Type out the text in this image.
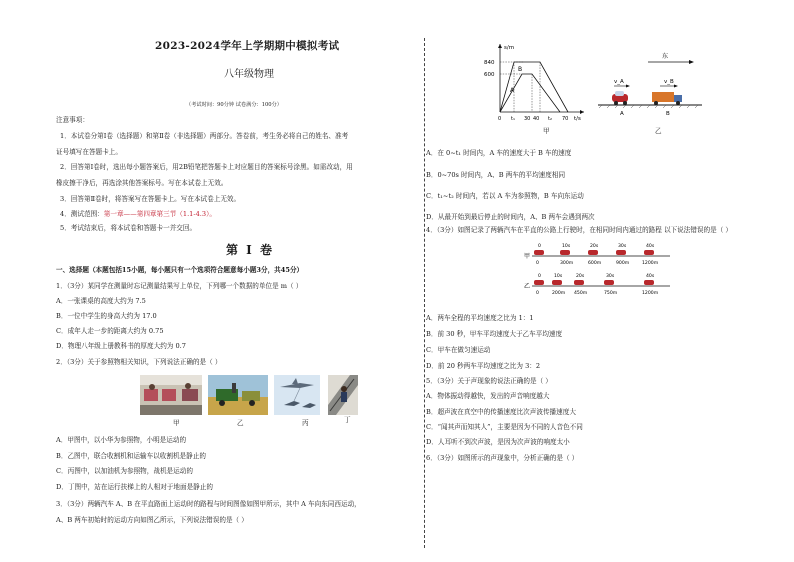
2023-2024学年上学期期中模拟考试
八年级物理
（考试时间：90分钟 试卷满分：100分）
注意事项：
1．本试卷分第Ⅰ卷（选择题）和第Ⅱ卷（非选择题）两部分。答卷前，考生务必将自己的姓名、准考
证号填写在答题卡上。
2．回答第Ⅰ卷时，选出每小题答案后，用2B铅笔把答题卡上对应题目的答案标号涂黑。如需改动，用
橡皮擦干净后，再选涂其他答案标号。写在本试卷上无效。
3．回答第Ⅱ卷时，将答案写在答题卡上。写在本试卷上无效。
4．测试范围：第一章——第四章第三节（1.1-4.3）。
5．考试结束后，将本试卷和答题卡一并交回。
第 Ⅰ 卷
一、选择题（本题包括15小题，每小题只有一个选项符合题意每小题3分，共45分）
1．（3分）某同学在测量时忘记测量结果写上单位，下列哪一个数据的单位是 m（ ）
A．一张课桌的高度大约为 7.5
B．一位中学生的身高大约为 17.0
C．成年人走一步的距离大约为 0.75
D．物理八年级上册教科书的厚度大约为 0.7
2．（3分）关于参照物相关知识，下列说法正确的是（ ）
甲	乙	丙	丁
A．甲图中，以小华为参照物，小明是运动的
B．乙图中，联合收割机和运输车以收割机是静止的
C．丙图中，以加油机为参照物，战机是运动的
D．丁图中，站在运行扶梯上的人相对于地面是静止的
3．（3分）两辆汽车 A、B 在平直路面上运动时的路程与时间图像如图甲所示，其中 A 车向东同西运动，
A、B 两车初始时的运动方向如图乙所示，下列说法错误的是（ ）
s/m
t/s
840
600
B
A
0 t₁ 30 40 t₂ 70
甲
东
v_A	v_B
A	B
乙
A．在 0~t₁ 时间内，A 车的速度大于 B 车的速度
B．0~70s 时间内，A、B 两车的平均速度相同
C．t₁~t₂ 时间内，若以 A 车为参照物，B 车向东运动
D．从最开始到最后停止的时间内，A、B 两车会遇到两次
4．（3分）如图记录了两辆汽车在平直的公路上行驶时，在相同时间内通过的路程 以下说法错误的是（ ）
甲
0	10s	20s	30s	40s
0	300m	600m	900m	1200m
乙
0	10s	20s	30s	40s
0	200m 450m	750m	1200m
A．两车全程的平均速度之比为 1：1
B．前 30 秒，甲车平均速度大于乙车平均速度
C．甲车在做匀速运动
D．前 20 秒两车平均速度之比为 3：2
5．（3分）关于声现象的说法正确的是（ ）
A．物体振动得越快，发出的声音响度越大
B．超声波在真空中的传播速度比次声波传播速度大
C．“闻其声而知其人”，主要是因为不同的人音色不同
D．人耳听不到次声波，是因为次声波的响度太小
6．（3分）如图所示的声现象中，分析正确的是（ ）
